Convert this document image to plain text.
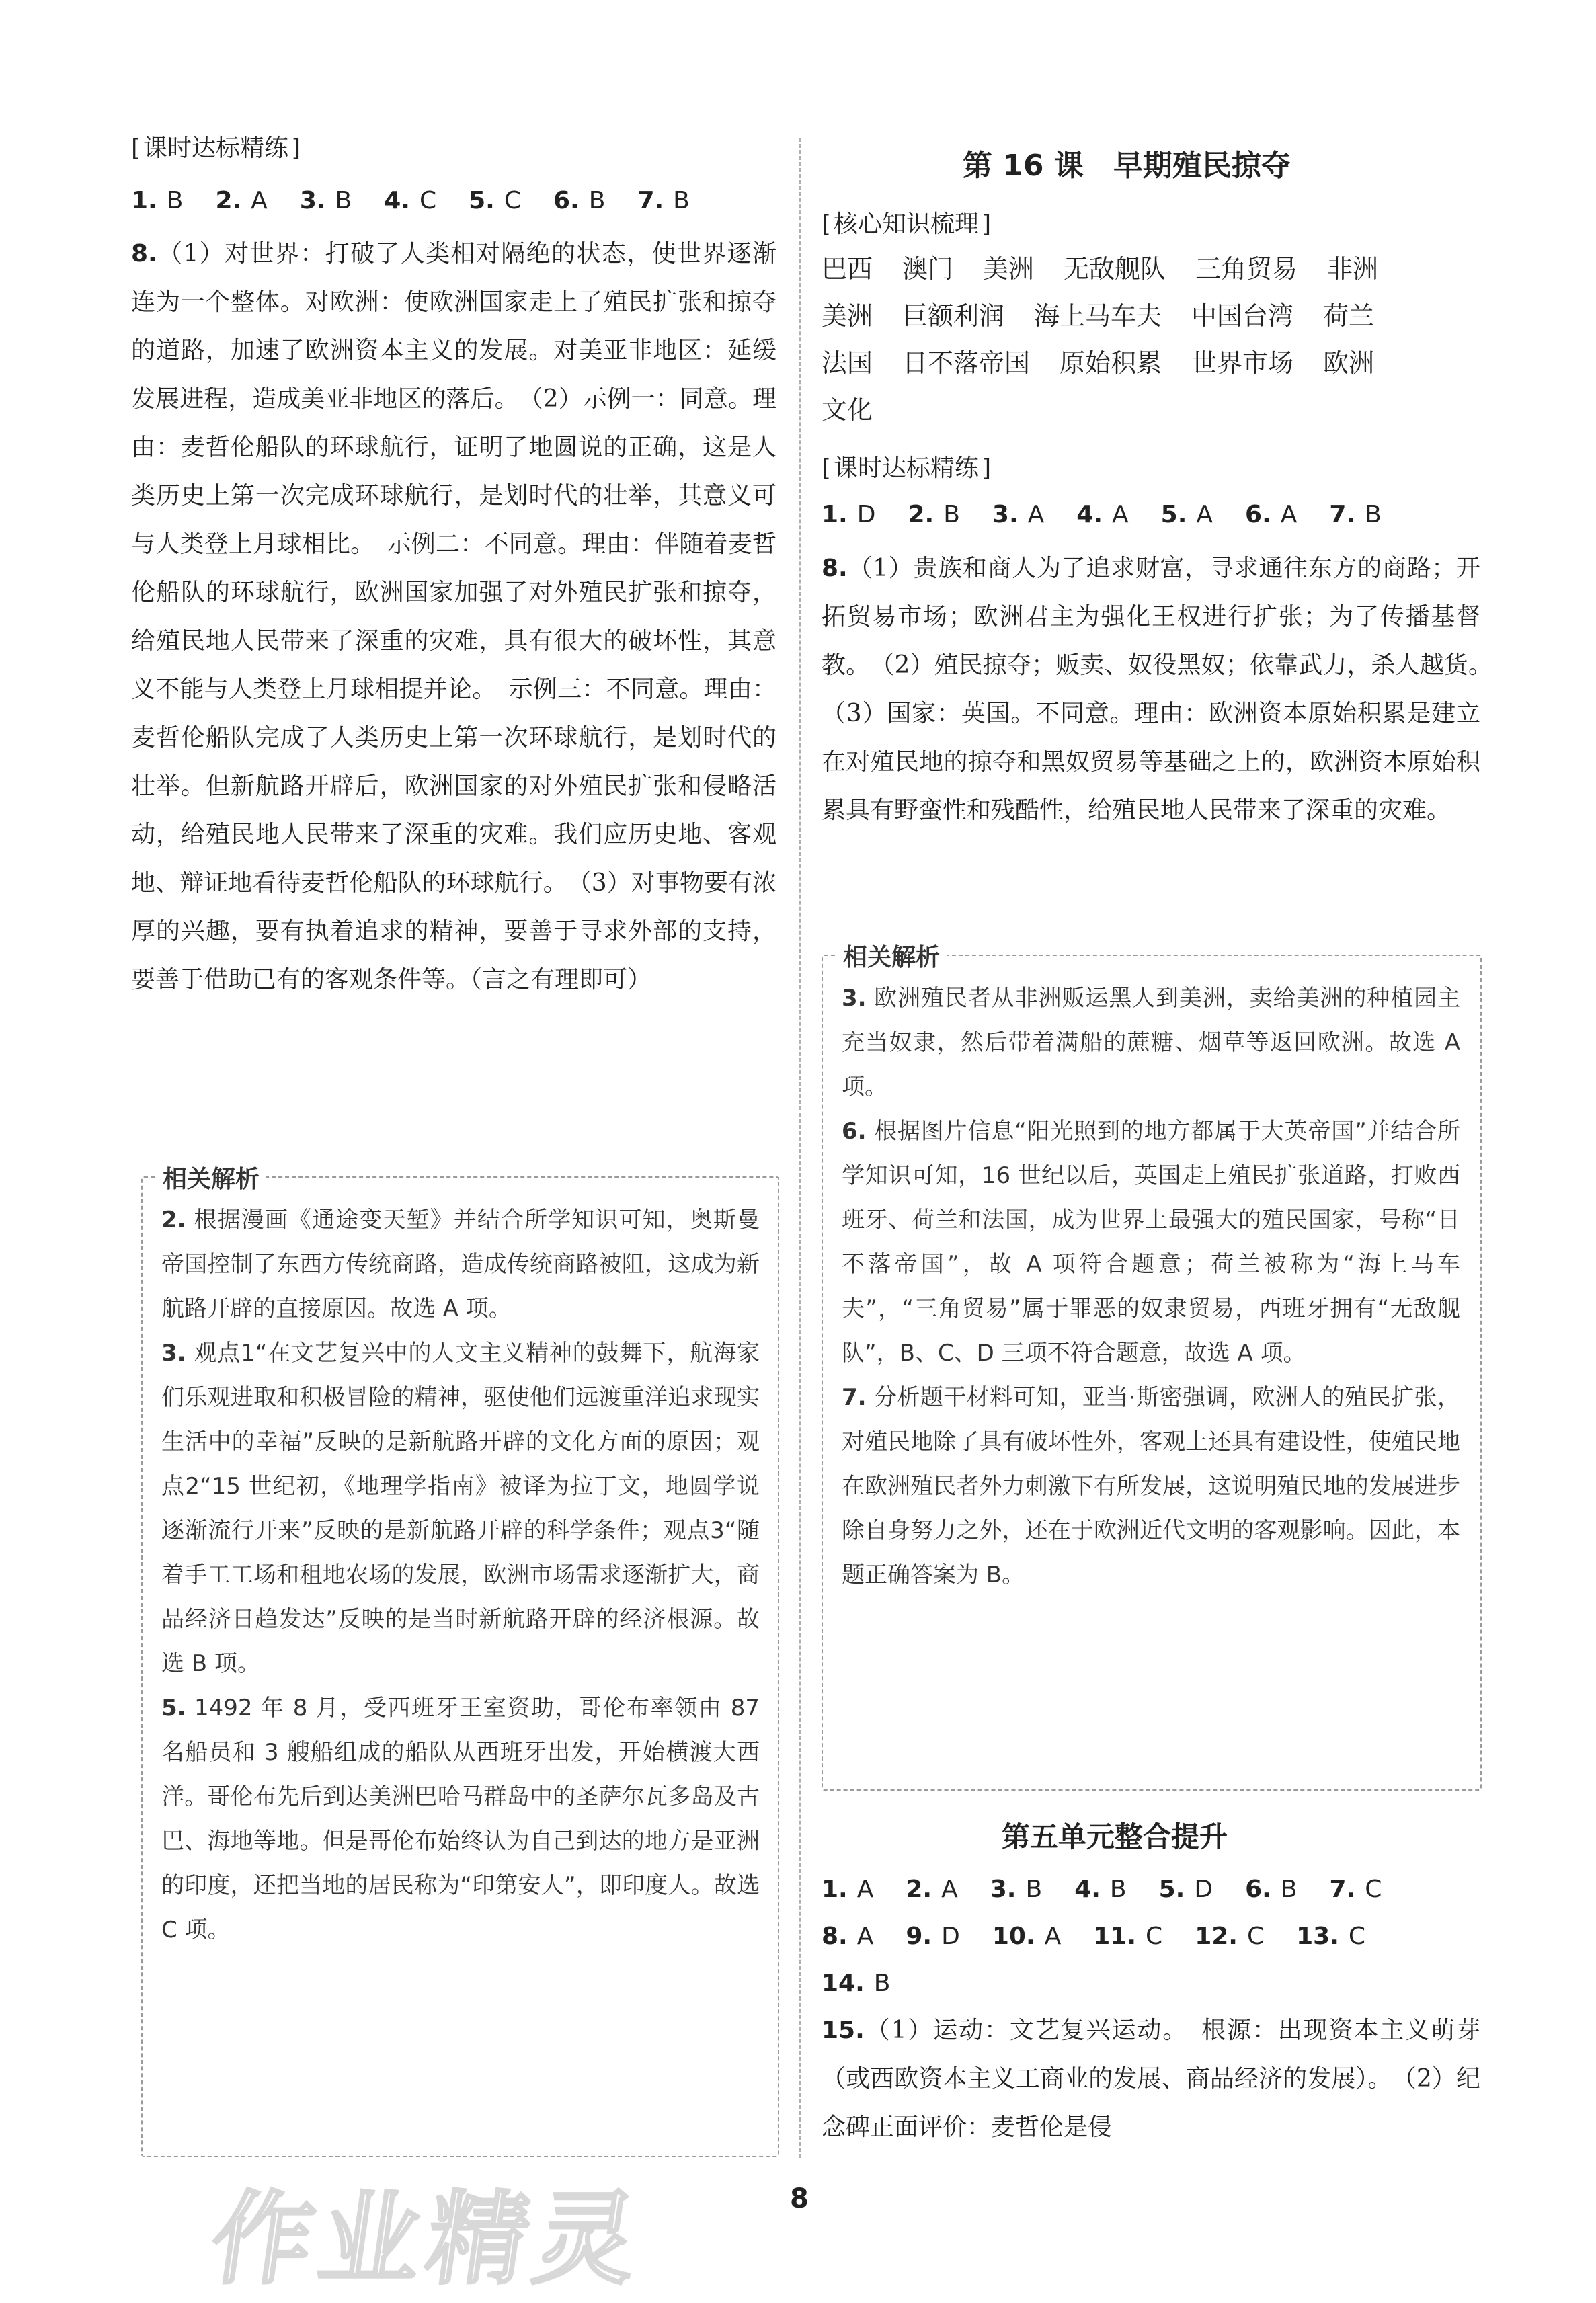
[ 课时达标精练 ]
1. B 2. A 3. B 4. C 5. C 6. B 7. B
8.（1）对世界：打破了人类相对隔绝的状态，使世界逐渐连为一个整体。对欧洲：使欧洲国家走上了殖民扩张和掠夺的道路，加速了欧洲资本主义的发展。对美亚非地区：延缓发展进程，造成美亚非地区的落后。　（2）示例一：同意。理由：麦哲伦船队的环球航行，证明了地圆说的正确，这是人类历史上第一次完成环球航行，是划时代的壮举，其意义可与人类登上月球相比。　示例二：不同意。理由：伴随着麦哲伦船队的环球航行，欧洲国家加强了对外殖民扩张和掠夺，给殖民地人民带来了深重的灾难，具有很大的破坏性，其意义不能与人类登上月球相提并论。　示例三：不同意。理由：麦哲伦船队完成了人类历史上第一次环球航行，是划时代的壮举。但新航路开辟后，欧洲国家的对外殖民扩张和侵略活动，给殖民地人民带来了深重的灾难。我们应历史地、客观地、辩证地看待麦哲伦船队的环球航行。　（3）对事物要有浓厚的兴趣，要有执着追求的精神，要善于寻求外部的支持，要善于借助已有的客观条件等。（言之有理即可）
相关解析
2. 根据漫画《通途变天堑》并结合所学知识可知，奥斯曼帝国控制了东西方传统商路，造成传统商路被阻，这成为新航路开辟的直接原因。故选 A 项。
3. 观点1“在文艺复兴中的人文主义精神的鼓舞下，航海家们乐观进取和积极冒险的精神，驱使他们远渡重洋追求现实生活中的幸福”反映的是新航路开辟的文化方面的原因；观点2“15 世纪初，《地理学指南》被译为拉丁文，地圆学说逐渐流行开来”反映的是新航路开辟的科学条件；观点3“随着手工工场和租地农场的发展，欧洲市场需求逐渐扩大，商品经济日趋发达”反映的是当时新航路开辟的经济根源。故选 B 项。
5. 1492 年 8 月，受西班牙王室资助，哥伦布率领由 87 名船员和 3 艘船组成的船队从西班牙出发，开始横渡大西洋。哥伦布先后到达美洲巴哈马群岛中的圣萨尔瓦多岛及古巴、海地等地。但是哥伦布始终认为自己到达的地方是亚洲的印度，还把当地的居民称为“印第安人”，即印度人。故选 C 项。
第 16 课　早期殖民掠夺
[ 核心知识梳理 ]
巴西 澳门 美洲 无敌舰队 三角贸易 非洲
美洲 巨额利润 海上马车夫 中国台湾 荷兰
法国 日不落帝国 原始积累 世界市场 欧洲
文化
[ 课时达标精练 ]
1. D 2. B 3. A 4. A 5. A 6. A 7. B
8.（1）贵族和商人为了追求财富，寻求通往东方的商路；开拓贸易市场；欧洲君主为强化王权进行扩张；为了传播基督教。　（2）殖民掠夺；贩卖、奴役黑奴；依靠武力，杀人越货。　（3）国家：英国。不同意。理由：欧洲资本原始积累是建立在对殖民地的掠夺和黑奴贸易等基础之上的，欧洲资本原始积累具有野蛮性和残酷性，给殖民地人民带来了深重的灾难。
相关解析
3. 欧洲殖民者从非洲贩运黑人到美洲，卖给美洲的种植园主充当奴隶，然后带着满船的蔗糖、烟草等返回欧洲。故选 A 项。
6. 根据图片信息“阳光照到的地方都属于大英帝国”并结合所学知识可知，16 世纪以后，英国走上殖民扩张道路，打败西班牙、荷兰和法国，成为世界上最强大的殖民国家，号称“日不落帝国”，故 A 项符合题意；荷兰被称为“海上马车夫”，“三角贸易”属于罪恶的奴隶贸易，西班牙拥有“无敌舰队”，B、C、D 三项不符合题意，故选 A 项。
7. 分析题干材料可知，亚当·斯密强调，欧洲人的殖民扩张，对殖民地除了具有破坏性外，客观上还具有建设性，使殖民地在欧洲殖民者外力刺激下有所发展，这说明殖民地的发展进步除自身努力之外，还在于欧洲近代文明的客观影响。因此，本题正确答案为 B。
第五单元整合提升
1. A 2. A 3. B 4. B 5. D 6. B 7. C
8. A 9. D 10. A 11. C 12. C 13. C
14. B
15.（1）运动：文艺复兴运动。　根源：出现资本主义萌芽（或西欧资本主义工商业的发展、商品经济的发展）。　（2）纪念碑正面评价：麦哲伦是侵
8
作业精灵
